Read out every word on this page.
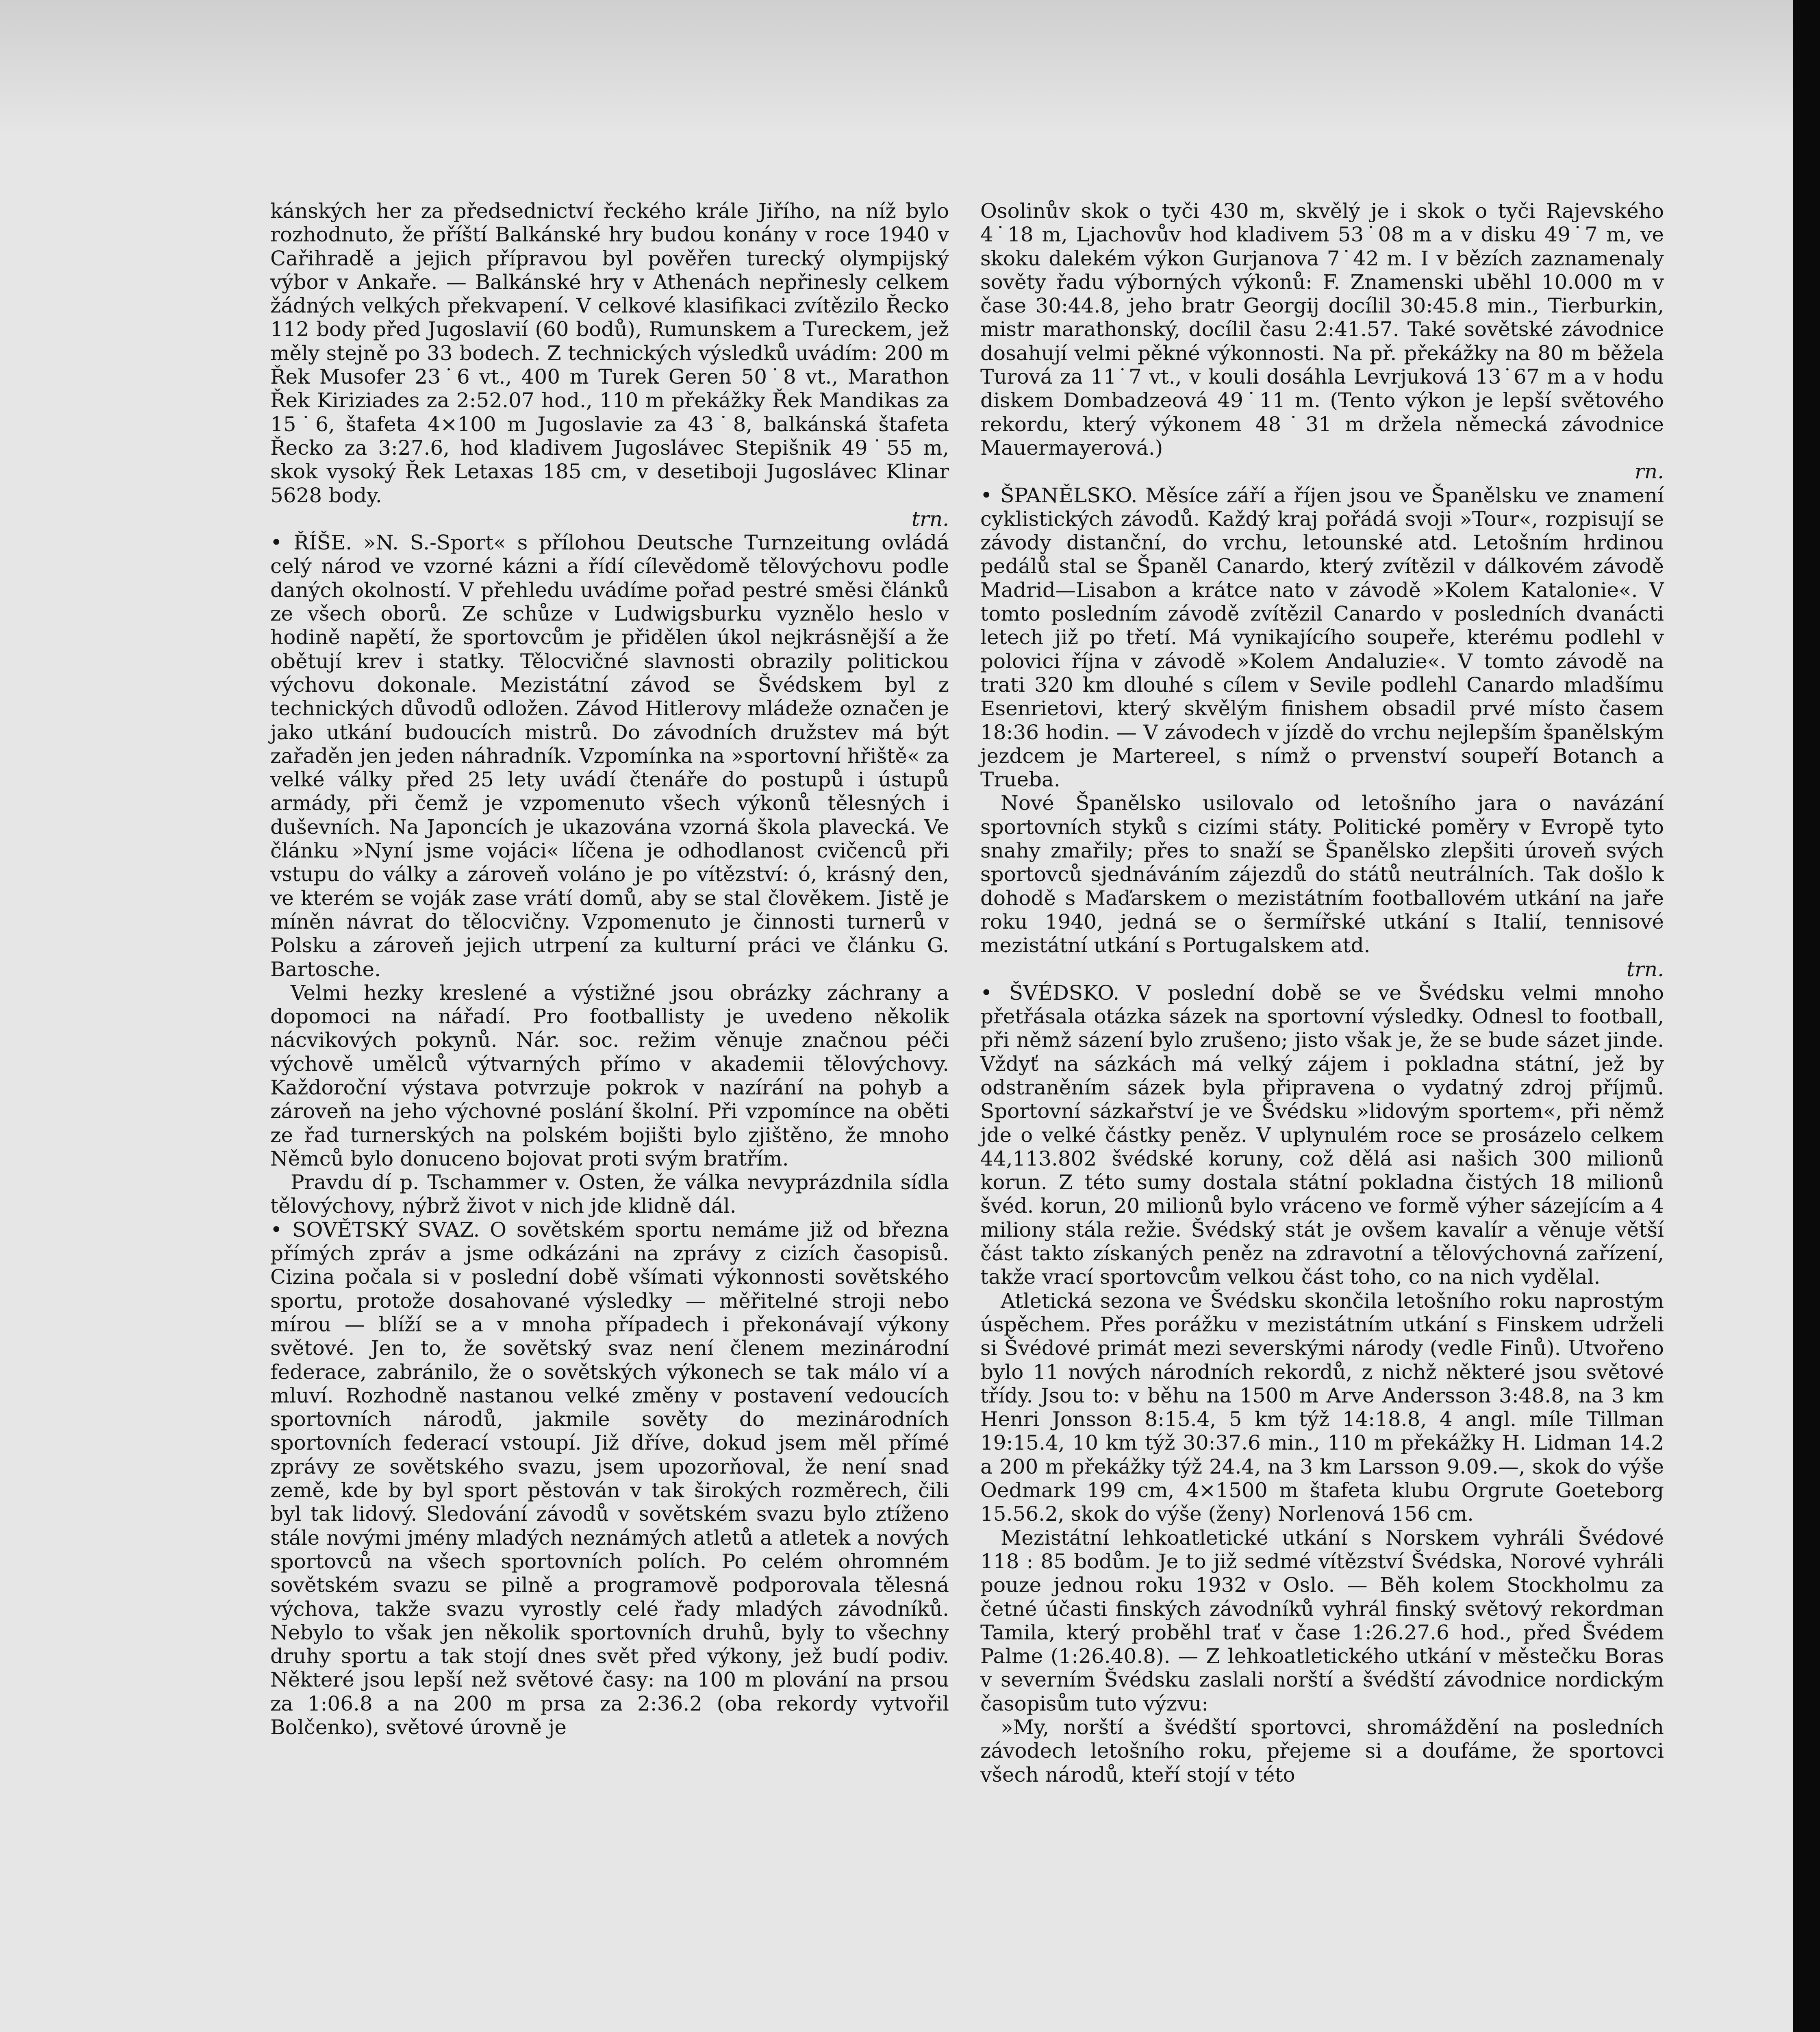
kánských her za předsednictví řeckého krále Jiřího, na níž bylo rozhodnuto, že příští Balkánské hry budou konány v roce 1940 v Cařihradě a jejich přípravou byl pověřen turecký olympijský výbor v Ankaře. — Balkánské hry v Athenách nepřinesly celkem žádných velkých překvapení. V celkové klasifikaci zvítězilo Řecko 112 body před Jugoslavií (60 bodů), Rumunskem a Tureckem, jež měly stejně po 33 bodech. Z technických výsledků uvádím: 200 m Řek Musofer 23˙6 vt., 400 m Turek Geren 50˙8 vt., Marathon Řek Kiriziades za 2:52.07 hod., 110 m překážky Řek Mandikas za 15˙6, štafeta 4×100 m Jugoslavie za 43˙8, balkánská štafeta Řecko za 3:27.6, hod kladivem Jugoslávec Stepišnik 49˙55 m, skok vysoký Řek Letaxas 185 cm, v desetiboji Jugoslávec Klinar 5628 body.

trn.

• ŘÍŠE. »N. S.-Sport« s přílohou Deutsche Turnzeitung ovládá celý národ ve vzorné kázni a řídí cílevědomě tělovýchovu podle daných okolností. V přehledu uvádíme pořad pestré směsi článků ze všech oborů. Ze schůze v Ludwigsburku vyznělo heslo v hodině napětí, že sportovcům je přidělen úkol nejkrásnější a že obětují krev i statky. Tělocvičné slavnosti obrazily politickou výchovu dokonale. Mezistátní závod se Švédskem byl z technických důvodů odložen. Závod Hitlerovy mládeže označen je jako utkání budoucích mistrů. Do závodních družstev má být zařaděn jen jeden náhradník. Vzpomínka na »sportovní hřiště« za velké války před 25 lety uvádí čtenáře do postupů i ústupů armády, při čemž je vzpomenuto všech výkonů tělesných i duševních. Na Japoncích je ukazována vzorná škola plavecká. Ve článku »Nyní jsme vojáci« líčena je odhodlanost cvičenců při vstupu do války a zároveň voláno je po vítězství: ó, krásný den, ve kterém se voják zase vrátí domů, aby se stal člověkem. Jistě je míněn návrat do tělocvičny. Vzpomenuto je činnosti turnerů v Polsku a zároveň jejich utrpení za kulturní práci ve článku G. Bartosche.

Velmi hezky kreslené a výstižné jsou obrázky záchrany a dopomoci na nářadí. Pro footballisty je uvedeno několik nácvikových pokynů. Nár. soc. režim věnuje značnou péči výchově umělců výtvarných přímo v akademii tělovýchovy. Každoroční výstava potvrzuje pokrok v nazírání na pohyb a zároveň na jeho výchovné poslání školní. Při vzpomínce na oběti ze řad turnerských na polském bojišti bylo zjištěno, že mnoho Němců bylo donuceno bojovat proti svým bratřím.

Pravdu dí p. Tschammer v. Osten, že válka nevyprázdnila sídla tělovýchovy, nýbrž život v nich jde klidně dál.

• SOVĚTSKÝ SVAZ. O sovětském sportu nemáme již od března přímých zpráv a jsme odkázáni na zprávy z cizích časopisů. Cizina počala si v poslední době všímati výkonnosti sovětského sportu, protože dosahované výsledky — měřitelné stroji nebo mírou — blíží se a v mnoha případech i překonávají výkony světové. Jen to, že sovětský svaz není členem mezinárodní federace, zabránilo, že o sovětských výkonech se tak málo ví a mluví. Rozhodně nastanou velké změny v postavení vedoucích sportovních národů, jakmile sověty do mezinárodních sportovních federací vstoupí. Již dříve, dokud jsem měl přímé zprávy ze sovětského svazu, jsem upozorňoval, že není snad země, kde by byl sport pěstován v tak širokých rozměrech, čili byl tak lidový. Sledování závodů v sovětském svazu bylo ztíženo stále novými jmény mladých neznámých atletů a atletek a nových sportovců na všech sportovních polích. Po celém ohromném sovětském svazu se pilně a programově podporovala tělesná výchova, takže svazu vyrostly celé řady mladých závodníků. Nebylo to však jen několik sportovních druhů, byly to všechny druhy sportu a tak stojí dnes svět před výkony, jež budí podiv. Některé jsou lepší než světové časy: na 100 m plování na prsou za 1:06.8 a na 200 m prsa za 2:36.2 (oba rekordy vytvořil Bolčenko), světové úrovně je

Osolinův skok o tyči 430 m, skvělý je i skok o tyči Rajevského 4˙18 m, Ljachovův hod kladivem 53˙08 m a v disku 49˙7 m, ve skoku dalekém výkon Gurjanova 7˙42 m. I v bězích zaznamenaly sověty řadu výborných výkonů: F. Znamenski uběhl 10.000 m v čase 30:44.8, jeho bratr Georgij docílil 30:45.8 min., Tierburkin, mistr marathonský, docílil času 2:41.57. Také sovětské závodnice dosahují velmi pěkné výkonnosti. Na př. překážky na 80 m běžela Turová za 11˙7 vt., v kouli dosáhla Levrjuková 13˙67 m a v hodu diskem Dombadzeová 49˙11 m. (Tento výkon je lepší světového rekordu, který výkonem 48˙31 m držela německá závodnice Mauermayerová.)

rn.

• ŠPANĚLSKO. Měsíce září a říjen jsou ve Španělsku ve znamení cyklistických závodů. Každý kraj pořádá svoji »Tour«, rozpisují se závody distanční, do vrchu, letounské atd. Letošním hrdinou pedálů stal se Španěl Canardo, který zvítězil v dálkovém závodě Madrid—Lisabon a krátce nato v závodě »Kolem Katalonie«. V tomto posledním závodě zvítězil Canardo v posledních dvanácti letech již po třetí. Má vynikajícího soupeře, kterému podlehl v polovici října v závodě »Kolem Andaluzie«. V tomto závodě na trati 320 km dlouhé s cílem v Sevile podlehl Canardo mladšímu Esenrietovi, který skvělým finishem obsadil prvé místo časem 18:36 hodin. — V závodech v jízdě do vrchu nejlepším španělským jezdcem je Martereel, s nímž o prvenství soupeří Botanch a Trueba.

Nové Španělsko usilovalo od letošního jara o navázání sportovních styků s cizími státy. Politické poměry v Evropě tyto snahy zmařily; přes to snaží se Španělsko zlepšiti úroveň svých sportovců sjednáváním zájezdů do států neutrálních. Tak došlo k dohodě s Maďarskem o mezistátním footballovém utkání na jaře roku 1940, jedná se o šermířské utkání s Italií, tennisové mezistátní utkání s Portugalskem atd.

trn.

• ŠVÉDSKO. V poslední době se ve Švédsku velmi mnoho přetřásala otázka sázek na sportovní výsledky. Odnesl to football, při němž sázení bylo zrušeno; jisto však je, že se bude sázet jinde. Vždyť na sázkách má velký zájem i pokladna státní, jež by odstraněním sázek byla připravena o vydatný zdroj příjmů. Sportovní sázkařství je ve Švédsku »lidovým sportem«, při němž jde o velké částky peněz. V uplynulém roce se prosázelo celkem 44,113.802 švédské koruny, což dělá asi našich 300 milionů korun. Z této sumy dostala státní pokladna čistých 18 milionů švéd. korun, 20 milionů bylo vráceno ve formě výher sázejícím a 4 miliony stála režie. Švédský stát je ovšem kavalír a věnuje větší část takto získaných peněz na zdravotní a tělovýchovná zařízení, takže vrací sportovcům velkou část toho, co na nich vydělal.

Atletická sezona ve Švédsku skončila letošního roku naprostým úspěchem. Přes porážku v mezistátním utkání s Finskem udrželi si Švédové primát mezi severskými národy (vedle Finů). Utvořeno bylo 11 nových národních rekordů, z nichž některé jsou světové třídy. Jsou to: v běhu na 1500 m Arve Andersson 3:48.8, na 3 km Henri Jonsson 8:15.4, 5 km týž 14:18.8, 4 angl. míle Tillman 19:15.4, 10 km týž 30:37.6 min., 110 m překážky H. Lidman 14.2 a 200 m překážky týž 24.4, na 3 km Larsson 9.09.—, skok do výše Oedmark 199 cm, 4×1500 m štafeta klubu Orgrute Goeteborg 15.56.2, skok do výše (ženy) Norlenová 156 cm.

Mezistátní lehkoatletické utkání s Norskem vyhráli Švédové 118 : 85 bodům. Je to již sedmé vítězství Švédska, Norové vyhráli pouze jednou roku 1932 v Oslo. — Běh kolem Stockholmu za četné účasti finských závodníků vyhrál finský světový rekordman Tamila, který proběhl trať v čase 1:26.27.6 hod., před Švédem Palme (1:26.40.8). — Z lehkoatletického utkání v městečku Boras v severním Švédsku zaslali norští a švédští závodnice nordickým časopisům tuto výzvu:

»My, norští a švédští sportovci, shromáždění na posledních závodech letošního roku, přejeme si a doufáme, že sportovci všech národů, kteří stojí v této
